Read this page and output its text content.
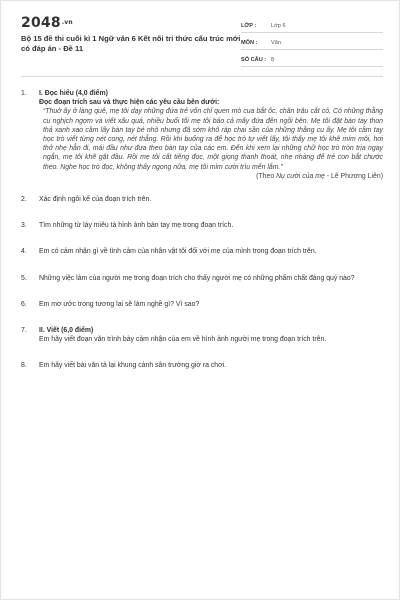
2048.vn
Bộ 15 đề thi cuối kì 1 Ngữ văn 6 Kết nối tri thức cấu trúc mới có đáp án - Đề 11
LỚP :	Lớp 6
MÔN :	Văn
SỐ CÂU : 8
1.	I. Đọc hiểu (4,0 điểm)
Đọc đoạn trích sau và thực hiện các yêu cầu bên dưới:
“Thuở ấy ở làng quê, mẹ tôi dạy những đứa trẻ vốn chỉ quen mò cua bắt ốc, chăn trâu cắt cỏ. Có những thằng cu nghịch ngợm và viết xấu quá, nhiều buổi tối mẹ tôi bảo cả mấy đứa đến ngồi bên. Mẹ tôi đặt bàn tay thon thả xanh xao cầm lấy bàn tay bé nhỏ nhưng đã sớm khô ráp chai sần của những thằng cu ấy. Mẹ tôi cầm tay học trò viết từng nét cong, nét thẳng. Rồi khi buổng ra để học trò tự viết lấy, tôi thấy mẹ tôi khẽ mím môi, hơi thở nhẹ hẳn đi, mái đầu như đưa theo bàn tay của các em. Đến khi xem lại những chữ học trò tròn trịa ngay ngắn, mẹ tôi khẽ gật đầu. Rồi mẹ tôi cất tiếng đọc, một giọng thanh thoát, nhẹ nhàng để trẻ con bắt chước theo. Nghe học trò đọc, không thấy ngọng nữa, mẹ tôi mỉm cười trìu mến lắm.”
(Theo Nụ cười của mẹ - Lê Phương Liên)
2.	Xác định ngôi kể của đoạn trích trên.
3.	Tìm những từ láy miêu tả hình ảnh bàn tay mẹ trong đoạn trích.
4.	Em có cảm nhận gì về tình cảm của nhân vật tôi đối với mẹ của mình trong đoạn trích trên.
5.	Những việc làm của người mẹ trong đoạn trích cho thấy người mẹ có những phẩm chất đáng quý nào?
6.	Em mơ ước trong tương lai sẽ làm nghề gì? Vì sao?
7.	II. Viết (6,0 điểm)
Em hãy viết đoạn văn trình bày cảm nhận của em về hình ảnh người mẹ trong đoạn trích trên.
8.	Em hãy viết bài văn tả lại khung cảnh sân trường giờ ra chơi.
